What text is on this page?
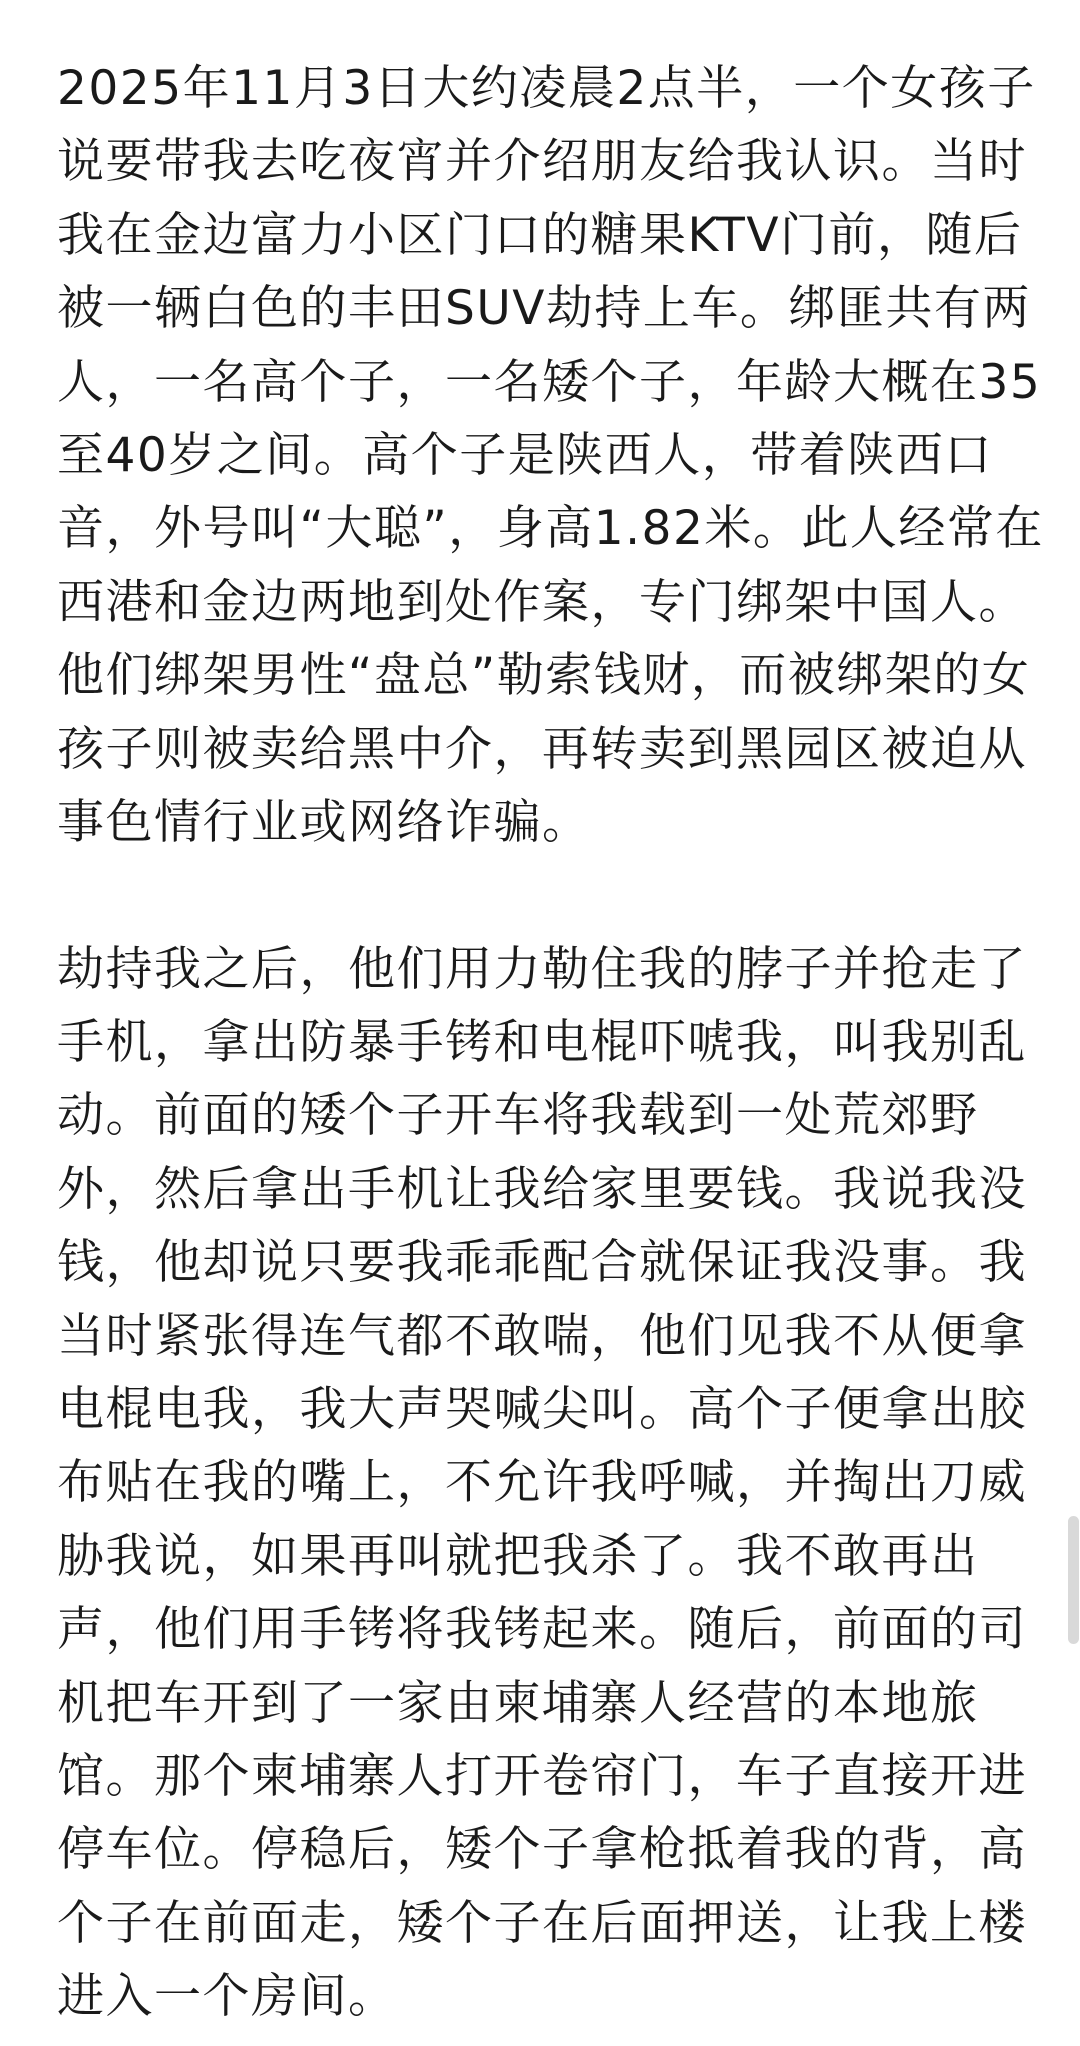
2025年11月3日大约凌晨2点半，一个女孩子
说要带我去吃夜宵并介绍朋友给我认识。当时
我在金边富力小区门口的糖果KTV门前，随后
被一辆白色的丰田SUV劫持上车。绑匪共有两
人，一名高个子，一名矮个子，年龄大概在35
至40岁之间。高个子是陕西人，带着陕西口
音，外号叫“大聪”，身高1.82米。此人经常在
西港和金边两地到处作案，专门绑架中国人。
他们绑架男性“盘总”勒索钱财，而被绑架的女
孩子则被卖给黑中介，再转卖到黑园区被迫从
事色情行业或网络诈骗。
劫持我之后，他们用力勒住我的脖子并抢走了
手机，拿出防暴手铐和电棍吓唬我，叫我别乱
动。前面的矮个子开车将我载到一处荒郊野
外，然后拿出手机让我给家里要钱。我说我没
钱，他却说只要我乖乖配合就保证我没事。我
当时紧张得连气都不敢喘，他们见我不从便拿
电棍电我，我大声哭喊尖叫。高个子便拿出胶
布贴在我的嘴上，不允许我呼喊，并掏出刀威
胁我说，如果再叫就把我杀了。我不敢再出
声，他们用手铐将我铐起来。随后，前面的司
机把车开到了一家由柬埔寨人经营的本地旅
馆。那个柬埔寨人打开卷帘门，车子直接开进
停车位。停稳后，矮个子拿枪抵着我的背，高
个子在前面走，矮个子在后面押送，让我上楼
进入一个房间。
